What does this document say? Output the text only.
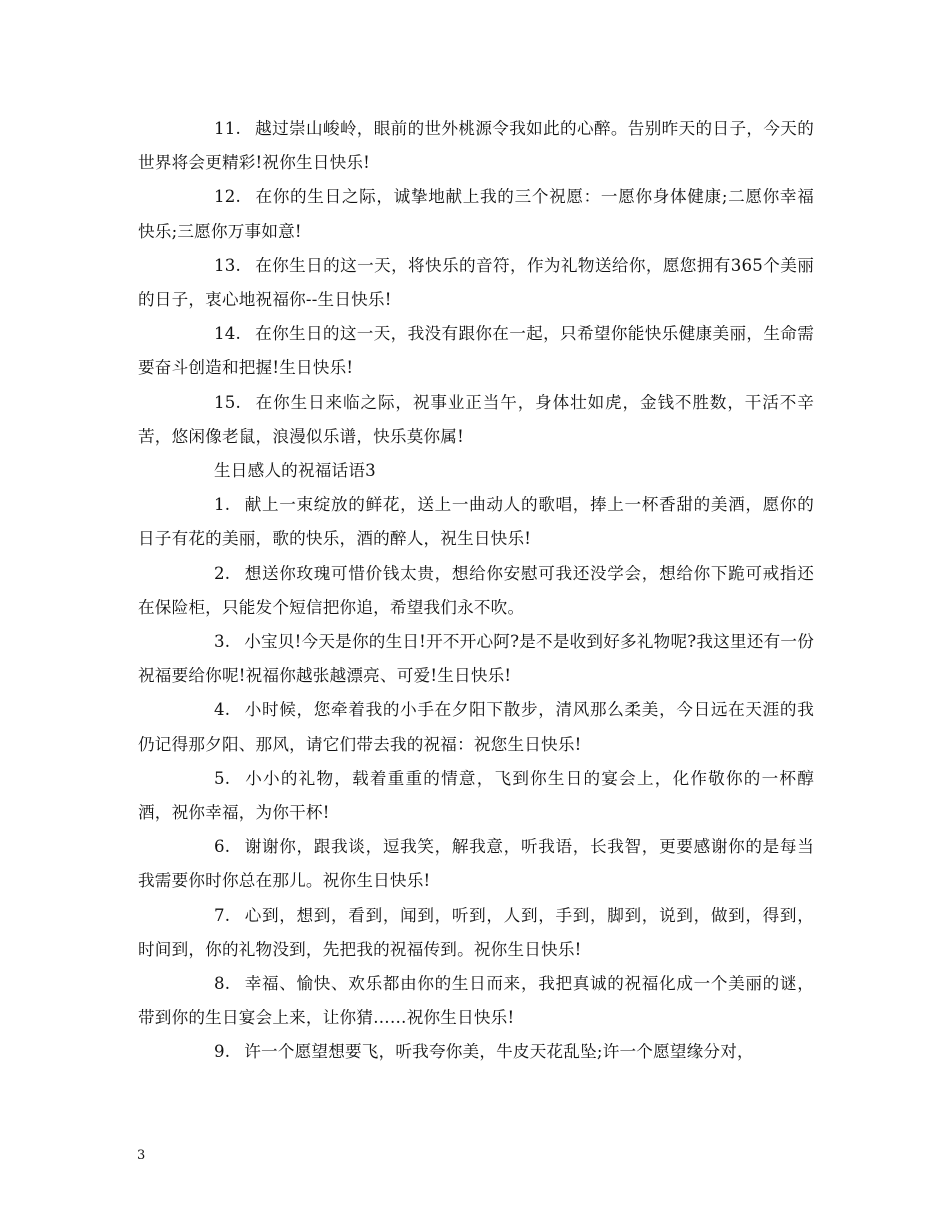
11. 越过崇山峻岭，眼前的世外桃源令我如此的心醉。告别昨天的日子，今天的世界将会更精彩!祝你生日快乐!

12. 在你的生日之际，诚挚地献上我的三个祝愿：一愿你身体健康;二愿你幸福快乐;三愿你万事如意!

13. 在你生日的这一天，将快乐的音符，作为礼物送给你，愿您拥有365个美丽的日子，衷心地祝福你--生日快乐!

14. 在你生日的这一天，我没有跟你在一起，只希望你能快乐健康美丽，生命需要奋斗创造和把握!生日快乐!

15. 在你生日来临之际，祝事业正当午，身体壮如虎，金钱不胜数，干活不辛苦，悠闲像老鼠，浪漫似乐谱，快乐莫你属!

生日感人的祝福话语3

1. 献上一束绽放的鲜花，送上一曲动人的歌唱，捧上一杯香甜的美酒，愿你的日子有花的美丽，歌的快乐，酒的醉人，祝生日快乐!

2. 想送你玫瑰可惜价钱太贵，想给你安慰可我还没学会，想给你下跪可戒指还在保险柜，只能发个短信把你追，希望我们永不吹。

3. 小宝贝!今天是你的生日!开不开心阿?是不是收到好多礼物呢?我这里还有一份祝福要给你呢!祝福你越张越漂亮、可爱!生日快乐!

4. 小时候，您牵着我的小手在夕阳下散步，清风那么柔美，今日远在天涯的我仍记得那夕阳、那风，请它们带去我的祝福：祝您生日快乐!

5. 小小的礼物，载着重重的情意，飞到你生日的宴会上，化作敬你的一杯醇酒，祝你幸福，为你干杯!

6. 谢谢你，跟我谈，逗我笑，解我意，听我语，长我智，更要感谢你的是每当我需要你时你总在那儿。祝你生日快乐!

7. 心到，想到，看到，闻到，听到，人到，手到，脚到，说到，做到，得到，时间到，你的礼物没到，先把我的祝福传到。祝你生日快乐!

8. 幸福、愉快、欢乐都由你的生日而来，我把真诚的祝福化成一个美丽的谜，带到你的生日宴会上来，让你猜……祝你生日快乐!

9. 许一个愿望想要飞，听我夸你美，牛皮天花乱坠;许一个愿望缘分对，

3
